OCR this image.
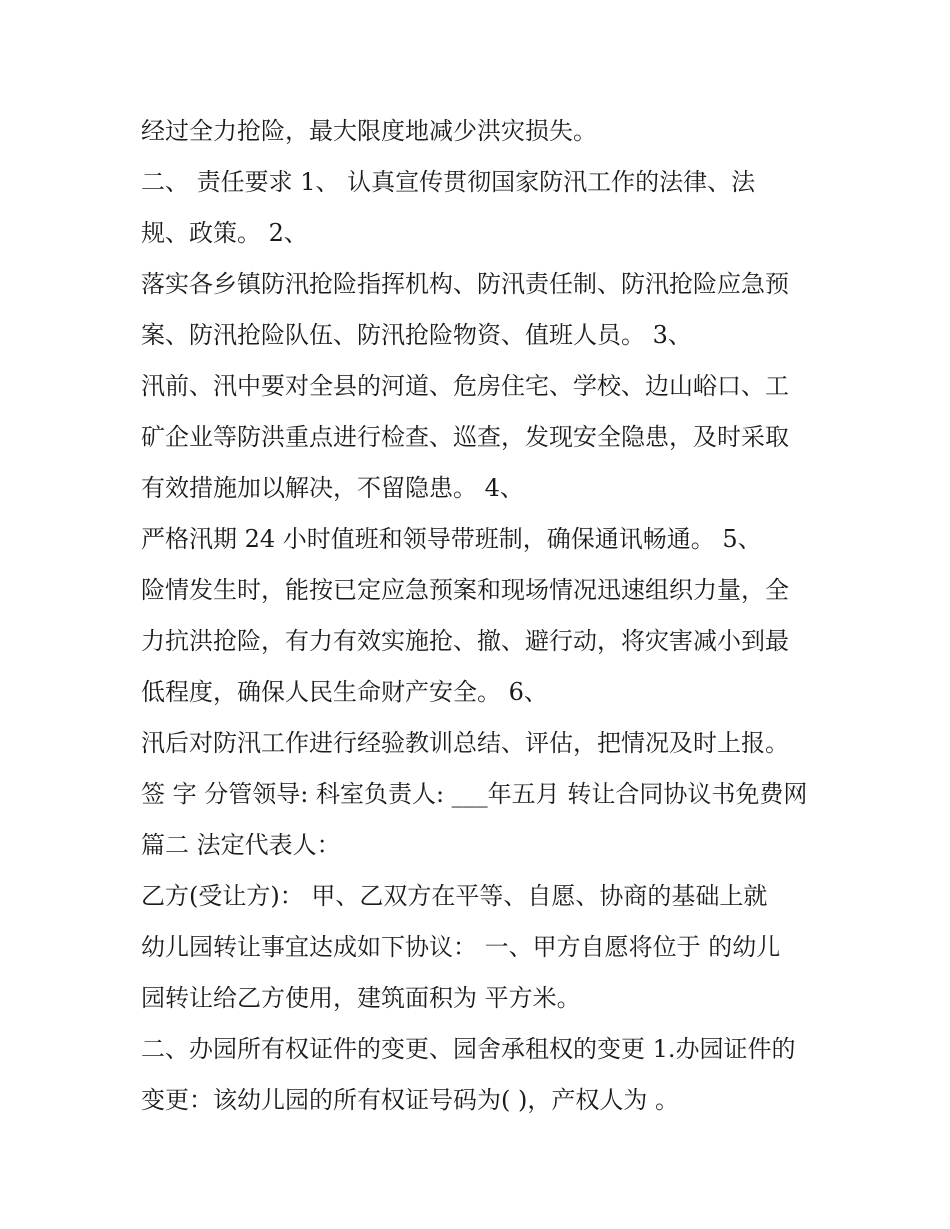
经过全力抢险，最大限度地减少洪灾损失。
二、 责任要求 1、 认真宣传贯彻国家防汛工作的法律、法
规、政策。 2、
落实各乡镇防汛抢险指挥机构、防汛责任制、防汛抢险应急预
案、防汛抢险队伍、防汛抢险物资、值班人员。 3、
汛前、汛中要对全县的河道、危房住宅、学校、边山峪口、工
矿企业等防洪重点进行检查、巡查，发现安全隐患，及时采取
有效措施加以解决，不留隐患。 4、
严格汛期 24 小时值班和领导带班制，确保通讯畅通。 5、
险情发生时，能按已定应急预案和现场情况迅速组织力量，全
力抗洪抢险，有力有效实施抢、撤、避行动，将灾害减小到最
低程度，确保人民生命财产安全。 6、
汛后对防汛工作进行经验教训总结、评估，把情况及时上报。
签 字 分管领导: 科室负责人: ___年五月 转让合同协议书免费网
篇二 法定代表人：
乙方(受让方)： 甲、乙双方在平等、自愿、协商的基础上就
幼儿园转让事宜达成如下协议： 一、甲方自愿将位于 的幼儿
园转让给乙方使用，建筑面积为 平方米。
二、办园所有权证件的变更、园舍承租权的变更 1.办园证件的
变更：该幼儿园的所有权证号码为( )，产权人为 。
